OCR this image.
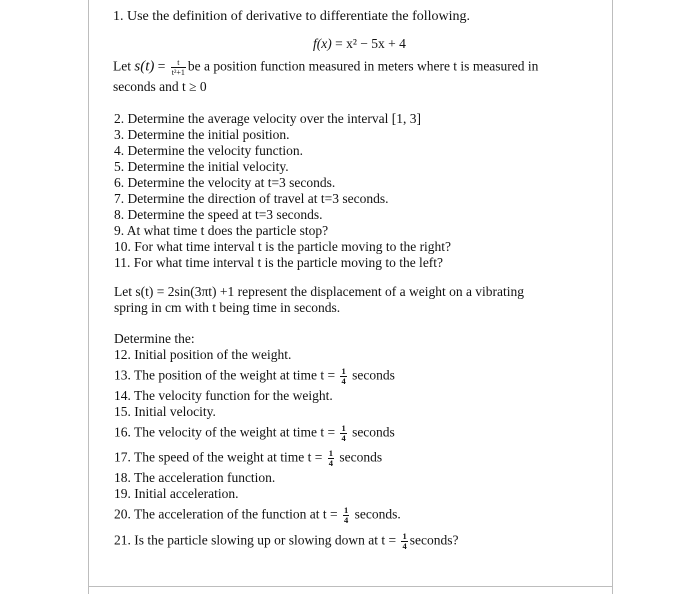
1. Use the definition of derivative to differentiate the following.
f(x) = x² − 5x + 4
Let $s(t) = \frac{t}{\text{t²+1}}$ be a position function measured in meters where t is measured in
seconds and t ≥ 0
2. Determine the average velocity over the interval [1, 3]
3. Determine the initial position.
4. Determine the velocity function.
5. Determine the initial velocity.
6. Determine the velocity at t=3 seconds.
7. Determine the direction of travel at t=3 seconds.
8. Determine the speed at t=3 seconds.
9. At what time t does the particle stop?
10. For what time interval t is the particle moving to the right?
11. For what time interval t is the particle moving to the left?
Let s(t) = 2sin(3πt) +1 represent the displacement of a weight on a vibrating
spring in cm with t being time in seconds.
Determine the:
12. Initial position of the weight.
13. The position of the weight at time $t = \frac{1}{4}$ seconds
14. The velocity function for the weight.
15. Initial velocity.
16. The velocity of the weight at time $t = \frac{1}{4}$ seconds
17. The speed of the weight at time $t = \frac{1}{4}$ seconds
18. The acceleration function.
19. Initial acceleration.
20. The acceleration of the function at $t = \frac{1}{4}$ seconds.
21. Is the particle slowing up or slowing down at $t = \frac{1}{4}$ seconds?
